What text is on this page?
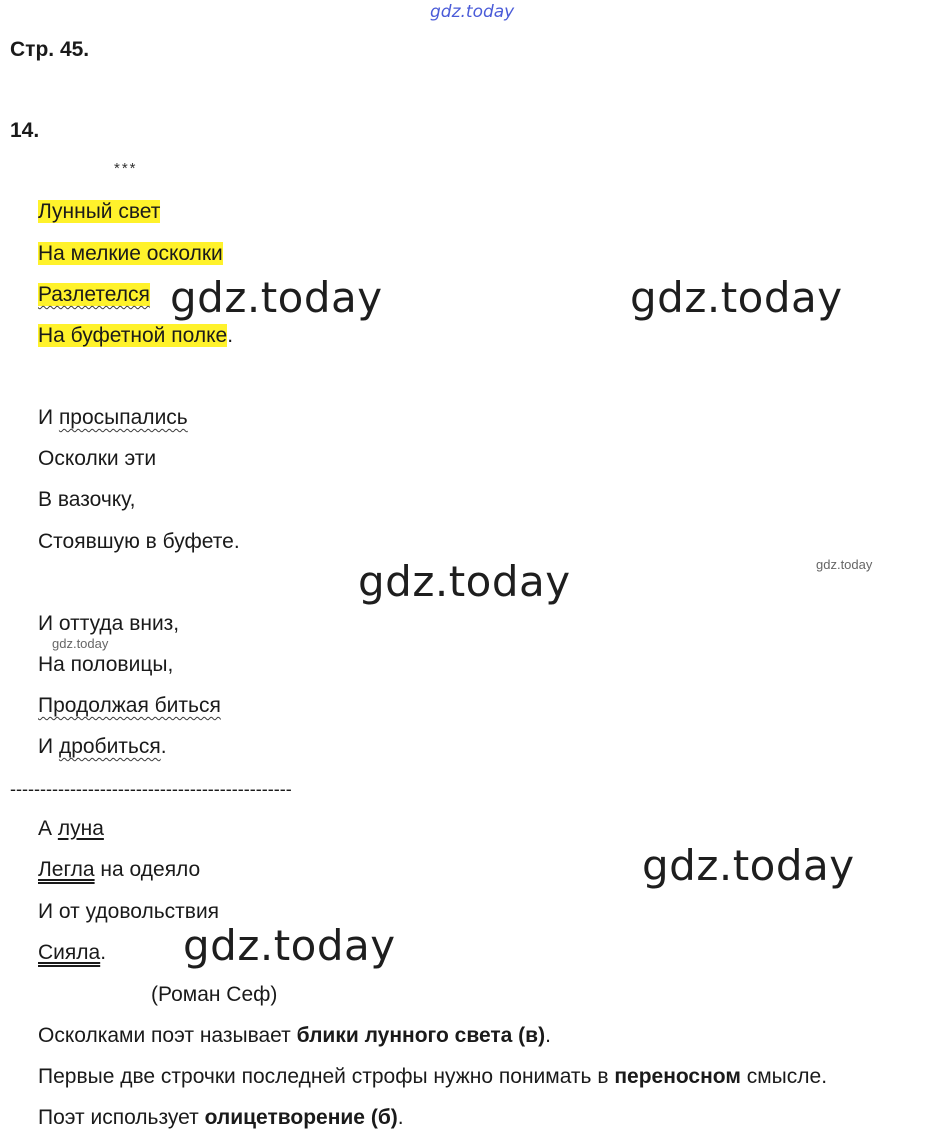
gdz.today
Стр. 45.
14.
***
Лунный свет
На мелкие осколки
Разлетелся
На буфетной полке.
И просыпались
Осколки эти
В вазочку,
Стоявшую в буфете.
И оттуда вниз,
На половицы,
Продолжая биться
И дробиться.
-----------------------------------------------
А луна
Легла на одеяло
И от удовольствия
Сияла.
(Роман Сеф)
Осколками поэт называет блики лунного света (в).
Первые две строчки последней строфы нужно понимать в переносном смысле.
Поэт использует олицетворение (б).
gdz.today	gdz.today
gdz.today
gdz.today
gdz.today
gdz.today
gdz.today
